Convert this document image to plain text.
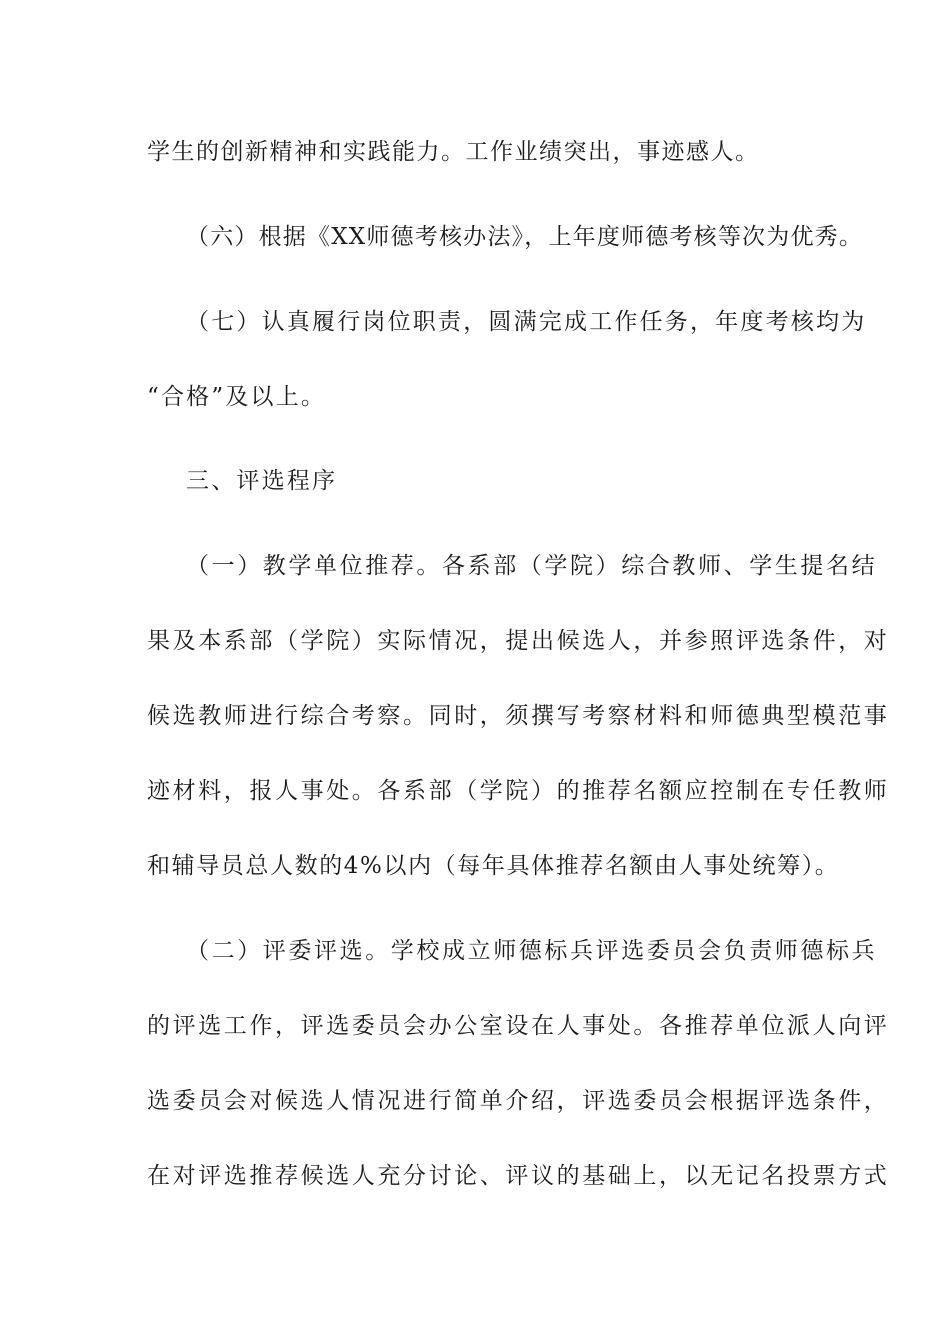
学生的创新精神和实践能力。工作业绩突出，事迹感人。
（六）根据《XX师德考核办法》，上年度师德考核等次为优秀。
（七）认真履行岗位职责，圆满完成工作任务，年度考核均为
“合格”及以上。
三、评选程序
（一）教学单位推荐。各系部（学院）综合教师、学生提名结
果及本系部（学院）实际情况，提出候选人，并参照评选条件，对
候选教师进行综合考察。同时，须撰写考察材料和师德典型模范事
迹材料，报人事处。各系部（学院）的推荐名额应控制在专任教师
和辅导员总人数的4%以内（每年具体推荐名额由人事处统筹）。
（二）评委评选。学校成立师德标兵评选委员会负责师德标兵
的评选工作，评选委员会办公室设在人事处。各推荐单位派人向评
选委员会对候选人情况进行简单介绍，评选委员会根据评选条件，
在对评选推荐候选人充分讨论、评议的基础上，以无记名投票方式
